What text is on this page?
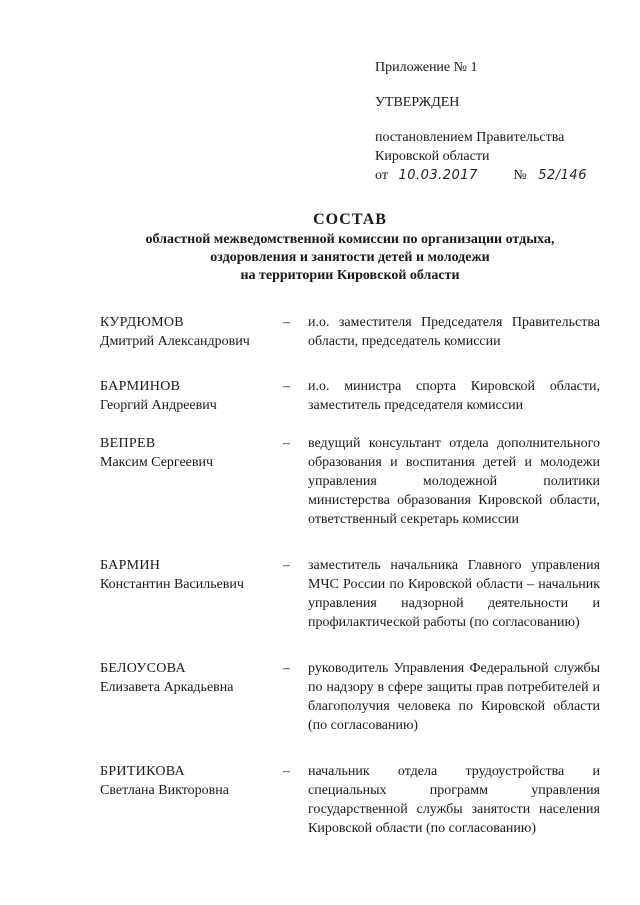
Приложение № 1
УТВЕРЖДЕН
постановлением Правительства
Кировской области
от 10.03.2017	№ 52/146
СОСТАВ
областной межведомственной комиссии по организации отдыха,
оздоровления и занятости детей и молодежи
на территории Кировской области
КУРДЮМОВ
Дмитрий Александрович
–	и.о. заместителя Председателя Правительства области, председатель комиссии
БАРМИНОВ
Георгий Андреевич
–	и.о. министра спорта Кировской области, заместитель председателя комиссии
ВЕПРЕВ
Максим Сергеевич
–	ведущий консультант отдела дополнительного образования и воспитания детей и молодежи управления молодежной политики министерства образования Кировской области, ответственный секретарь комиссии
БАРМИН
Константин Васильевич
–	заместитель начальника Главного управления МЧС России по Кировской области – начальник управления надзорной деятельности и профилактической работы (по согласованию)
БЕЛОУСОВА
Елизавета Аркадьевна
–	руководитель Управления Федеральной службы по надзору в сфере защиты прав потребителей и благополучия человека по Кировской области (по согласованию)
БРИТИКОВА
Светлана Викторовна
–	начальник отдела трудоустройства и специальных программ управления государственной службы занятости населения Кировской области (по согласованию)
